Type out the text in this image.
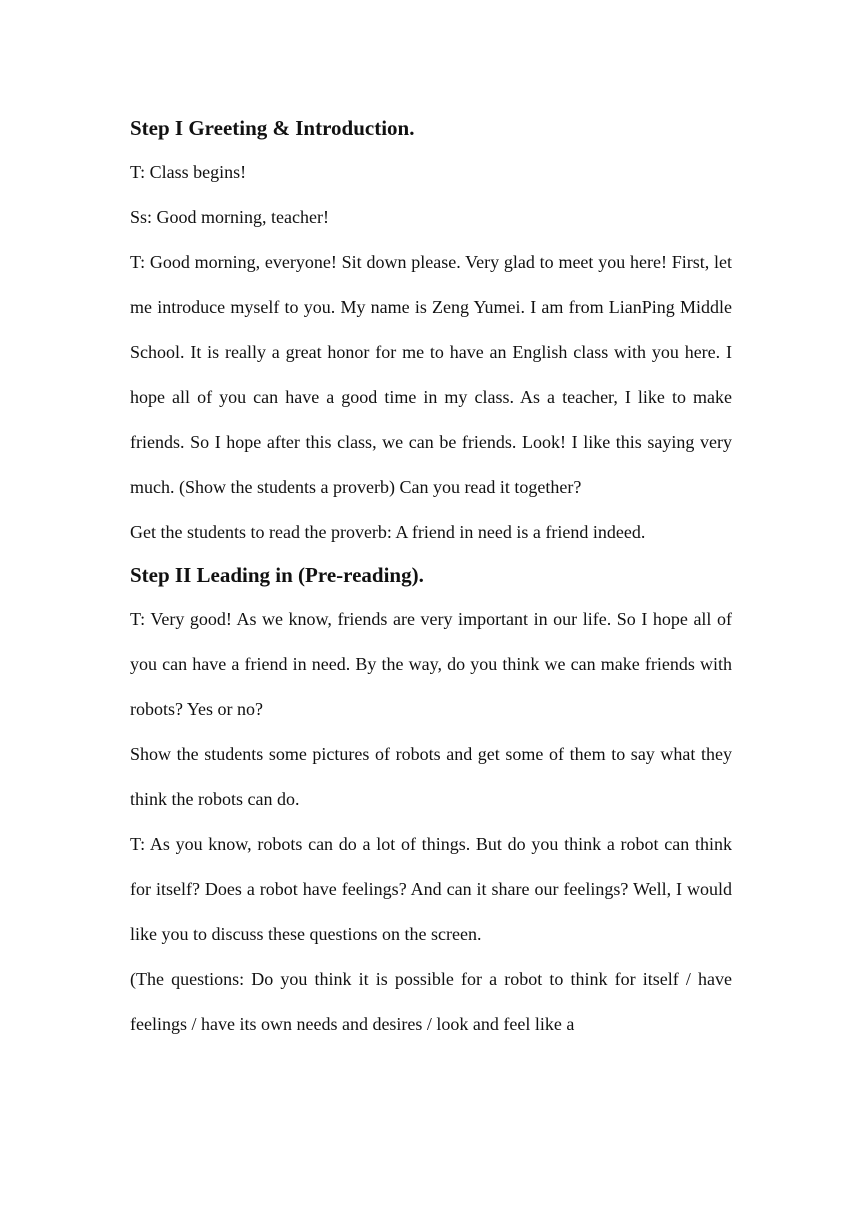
Step I Greeting & Introduction.

T: Class begins!

Ss: Good morning, teacher!

T: Good morning, everyone! Sit down please. Very glad to meet you here! First, let me introduce myself to you. My name is Zeng Yumei. I am from LianPing Middle School. It is really a great honor for me to have an English class with you here. I hope all of you can have a good time in my class. As a teacher, I like to make friends. So I hope after this class, we can be friends. Look! I like this saying very much. (Show the students a proverb) Can you read it together?

Get the students to read the proverb: A friend in need is a friend indeed.

Step II Leading in (Pre-reading).

T: Very good! As we know, friends are very important in our life. So I hope all of you can have a friend in need. By the way, do you think we can make friends with robots? Yes or no?

Show the students some pictures of robots and get some of them to say what they think the robots can do.

T: As you know, robots can do a lot of things. But do you think a robot can think for itself? Does a robot have feelings? And can it share our feelings? Well, I would like you to discuss these questions on the screen.

(The questions: Do you think it is possible for a robot to think for itself / have feelings / have its own needs and desires / look and feel like a
